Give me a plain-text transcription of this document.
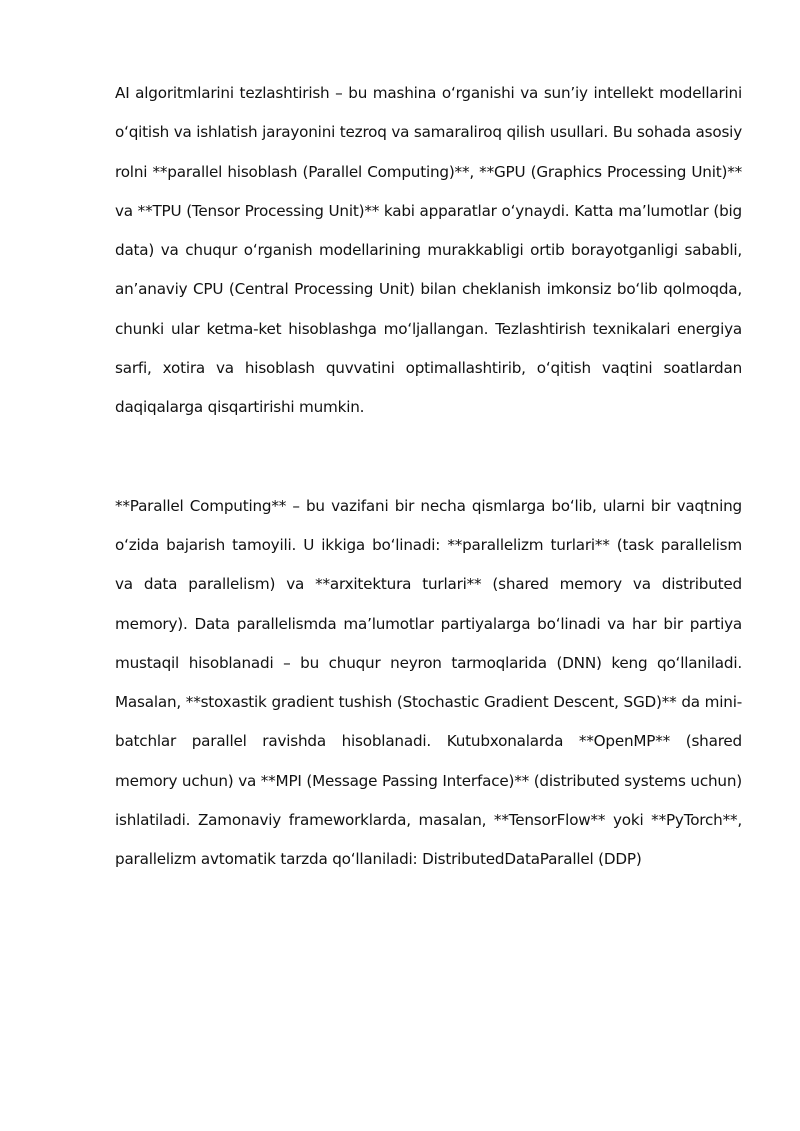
AI algoritmlarini tezlashtirish – bu mashina oʻrganishi va sun’iy intellekt modellarini oʻqitish va ishlatish jarayonini tezroq va samaraliroq qilish usullari. Bu sohada asosiy rolni **parallel hisoblash (Parallel Computing)**, **GPU (Graphics Processing Unit)** va **TPU (Tensor Processing Unit)** kabi apparatlar oʻynaydi. Katta ma’lumotlar (big data) va chuqur oʻrganish modellarining murakkabligi ortib borayotganligi sababli, an’anaviy CPU (Central Processing Unit) bilan cheklanish imkonsiz boʻlib qolmoqda, chunki ular ketma-ket hisoblashga moʻljallangan. Tezlashtirish texnikalari energiya sarfi, xotira va hisoblash quvvatini optimallashtirib, oʻqitish vaqtini soatlardan daqiqalarga qisqartirishi mumkin.

**Parallel Computing** – bu vazifani bir necha qismlarga boʻlib, ularni bir vaqtning oʻzida bajarish tamoyili. U ikkiga boʻlinadi: **parallelizm turlari** (task parallelism va data parallelism) va **arxitektura turlari** (shared memory va distributed memory). Data parallelismda ma’lumotlar partiyalarga boʻlinadi va har bir partiya mustaqil hisoblanadi – bu chuqur neyron tarmoqlarida (DNN) keng qoʻllaniladi. Masalan, **stoxastik gradient tushish (Stochastic Gradient Descent, SGD)** da mini-batchlar parallel ravishda hisoblanadi. Kutubxonalarda **OpenMP** (shared memory uchun) va **MPI (Message Passing Interface)** (distributed systems uchun) ishlatiladi. Zamonaviy frameworklarda, masalan, **TensorFlow** yoki **PyTorch**, parallelizm avtomatik tarzda qoʻllaniladi: DistributedDataParallel (DDP)
